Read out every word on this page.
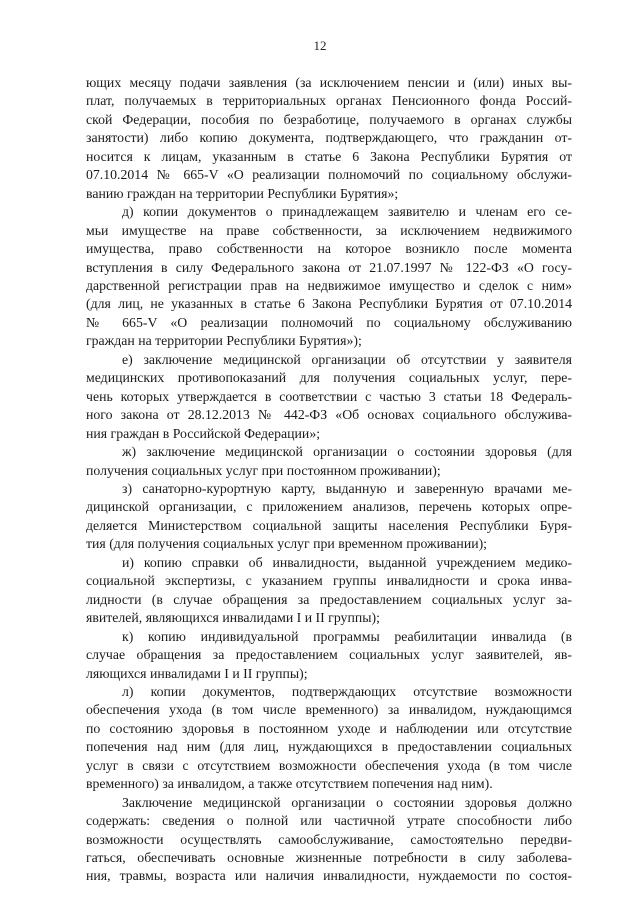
12

ющих месяцу подачи заявления (за исключением пенсии и (или) иных вы-
плат, получаемых в территориальных органах Пенсионного фонда Россий-
ской Федерации, пособия по безработице, получаемого в органах службы
занятости) либо копию документа, подтверждающего, что гражданин от-
носится к лицам, указанным в статье 6 Закона Республики Бурятия от
07.10.2014 № 665-V «О реализации полномочий по социальному обслужи-
ванию граждан на территории Республики Бурятия»;

д) копии документов о принадлежащем заявителю и членам его се-
мьи имуществе на праве собственности, за исключением недвижимого
имущества, право собственности на которое возникло после момента
вступления в силу Федерального закона от 21.07.1997 № 122-ФЗ «О госу-
дарственной регистрации прав на недвижимое имущество и сделок с ним»
(для лиц, не указанных в статье 6 Закона Республики Бурятия от 07.10.2014
№ 665-V «О реализации полномочий по социальному обслуживанию
граждан на территории Республики Бурятия»);

е) заключение медицинской организации об отсутствии у заявителя
медицинских противопоказаний для получения социальных услуг, пере-
чень которых утверждается в соответствии с частью 3 статьи 18 Федераль-
ного закона от 28.12.2013 № 442-ФЗ «Об основах социального обслужива-
ния граждан в Российской Федерации»;

ж) заключение медицинской организации о состоянии здоровья (для
получения социальных услуг при постоянном проживании);

з) санаторно-курортную карту, выданную и заверенную врачами ме-
дицинской организации, с приложением анализов, перечень которых опре-
деляется Министерством социальной защиты населения Республики Буря-
тия (для получения социальных услуг при временном проживании);

и) копию справки об инвалидности, выданной учреждением медико-
социальной экспертизы, с указанием группы инвалидности и срока инва-
лидности (в случае обращения за предоставлением социальных услуг за-
явителей, являющихся инвалидами I и II группы);

к) копию индивидуальной программы реабилитации инвалида (в
случае обращения за предоставлением социальных услуг заявителей, яв-
ляющихся инвалидами I и II группы);

л) копии документов, подтверждающих отсутствие возможности
обеспечения ухода (в том числе временного) за инвалидом, нуждающимся
по состоянию здоровья в постоянном уходе и наблюдении или отсутствие
попечения над ним (для лиц, нуждающихся в предоставлении социальных
услуг в связи с отсутствием возможности обеспечения ухода (в том числе
временного) за инвалидом, а также отсутствием попечения над ним).

Заключение медицинской организации о состоянии здоровья должно
содержать: сведения о полной или частичной утрате способности либо
возможности осуществлять самообслуживание, самостоятельно передви-
гаться, обеспечивать основные жизненные потребности в силу заболева-
ния, травмы, возраста или наличия инвалидности, нуждаемости по состоя-
